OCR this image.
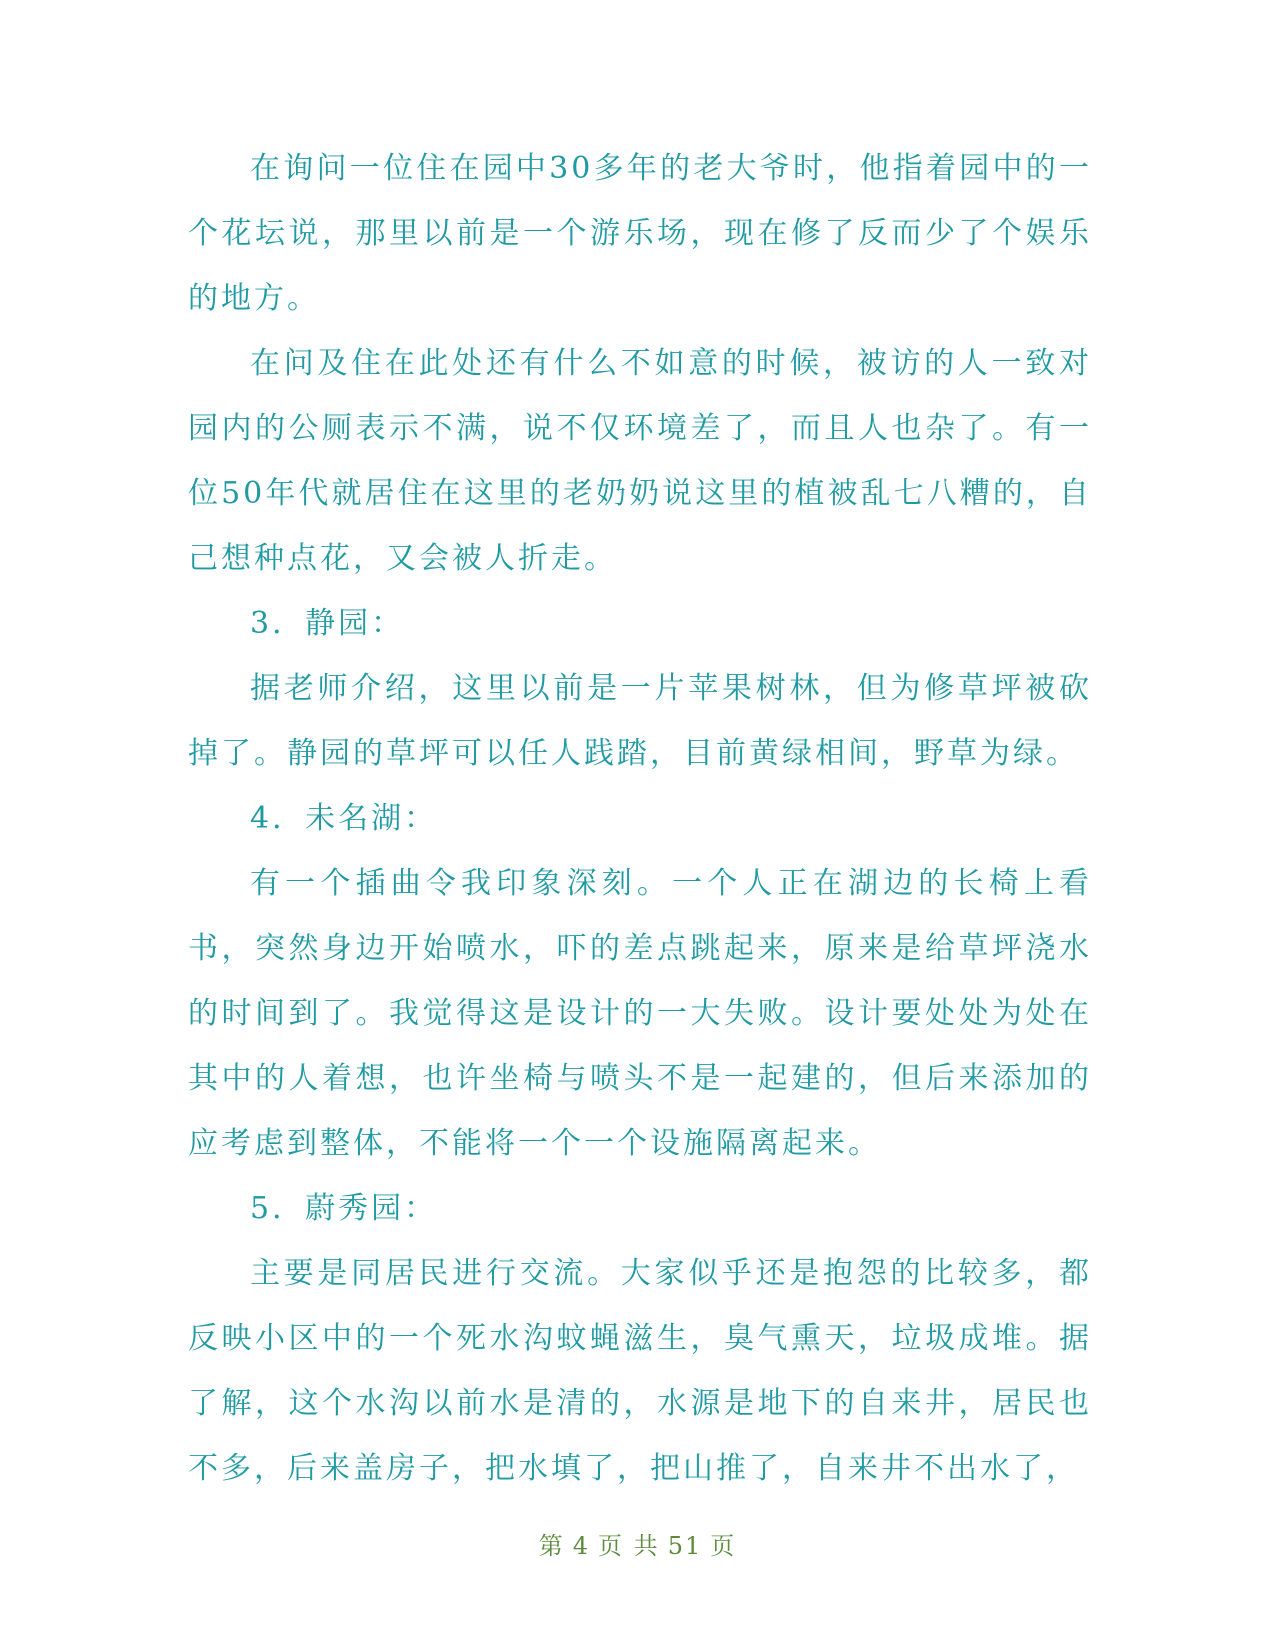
在询问一位住在园中30多年的老大爷时，他指着园中的一个花坛说，那里以前是一个游乐场，现在修了反而少了个娱乐的地方。

在问及住在此处还有什么不如意的时候，被访的人一致对园内的公厕表示不满，说不仅环境差了，而且人也杂了。有一位50年代就居住在这里的老奶奶说这里的植被乱七八糟的，自己想种点花，又会被人折走。

3．静园：

据老师介绍，这里以前是一片苹果树林，但为修草坪被砍掉了。静园的草坪可以任人践踏，目前黄绿相间，野草为绿。

4．未名湖：

有一个插曲令我印象深刻。一个人正在湖边的长椅上看书，突然身边开始喷水，吓的差点跳起来，原来是给草坪浇水的时间到了。我觉得这是设计的一大失败。设计要处处为处在其中的人着想，也许坐椅与喷头不是一起建的，但后来添加的应考虑到整体，不能将一个一个设施隔离起来。

5．蔚秀园：

主要是同居民进行交流。大家似乎还是抱怨的比较多，都反映小区中的一个死水沟蚊蝇滋生，臭气熏天，垃圾成堆。据了解，这个水沟以前水是清的，水源是地下的自来井，居民也不多，后来盖房子，把水填了，把山推了，自来井不出水了，

第 4 页 共 51 页
